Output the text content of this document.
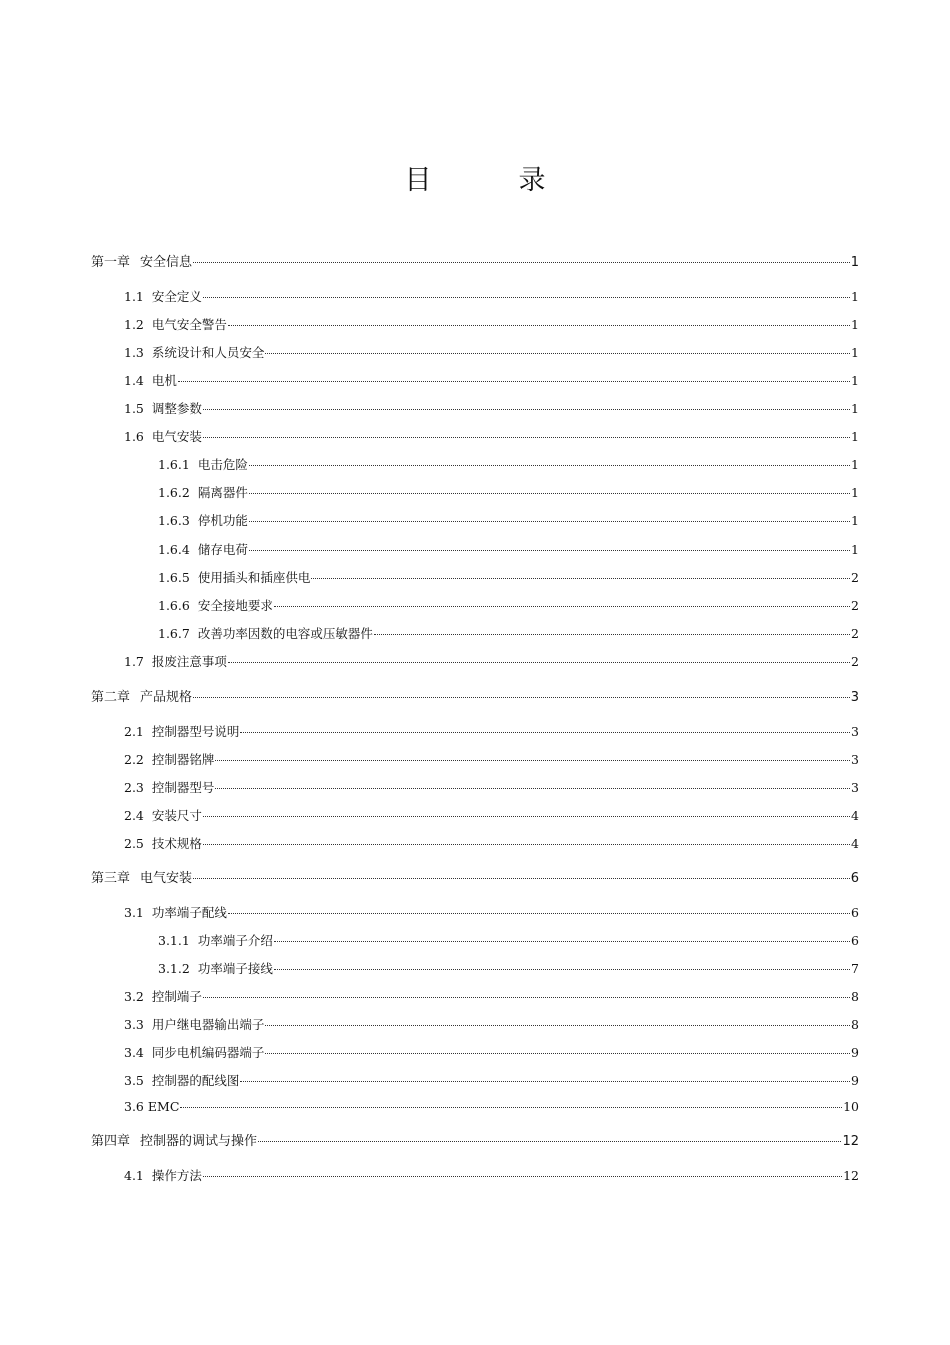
目　录
第一章 安全信息	1
1.1 安全定义	1
1.2 电气安全警告	1
1.3 系统设计和人员安全	1
1.4 电机	1
1.5 调整参数	1
1.6 电气安装	1
1.6.1 电击危险	1
1.6.2 隔离器件	1
1.6.3 停机功能	1
1.6.4 储存电荷	1
1.6.5 使用插头和插座供电	2
1.6.6 安全接地要求	2
1.6.7 改善功率因数的电容或压敏器件	2
1.7 报废注意事项	2
第二章 产品规格	3
2.1 控制器型号说明	3
2.2 控制器铭牌	3
2.3 控制器型号	3
2.4 安装尺寸	4
2.5 技术规格	4
第三章 电气安装	6
3.1 功率端子配线	6
3.1.1 功率端子介绍	6
3.1.2 功率端子接线	7
3.2 控制端子	8
3.3 用户继电器输出端子	8
3.4 同步电机编码器端子	9
3.5 控制器的配线图	9
3.6 EMC	10
第四章 控制器的调试与操作	12
4.1 操作方法	12
